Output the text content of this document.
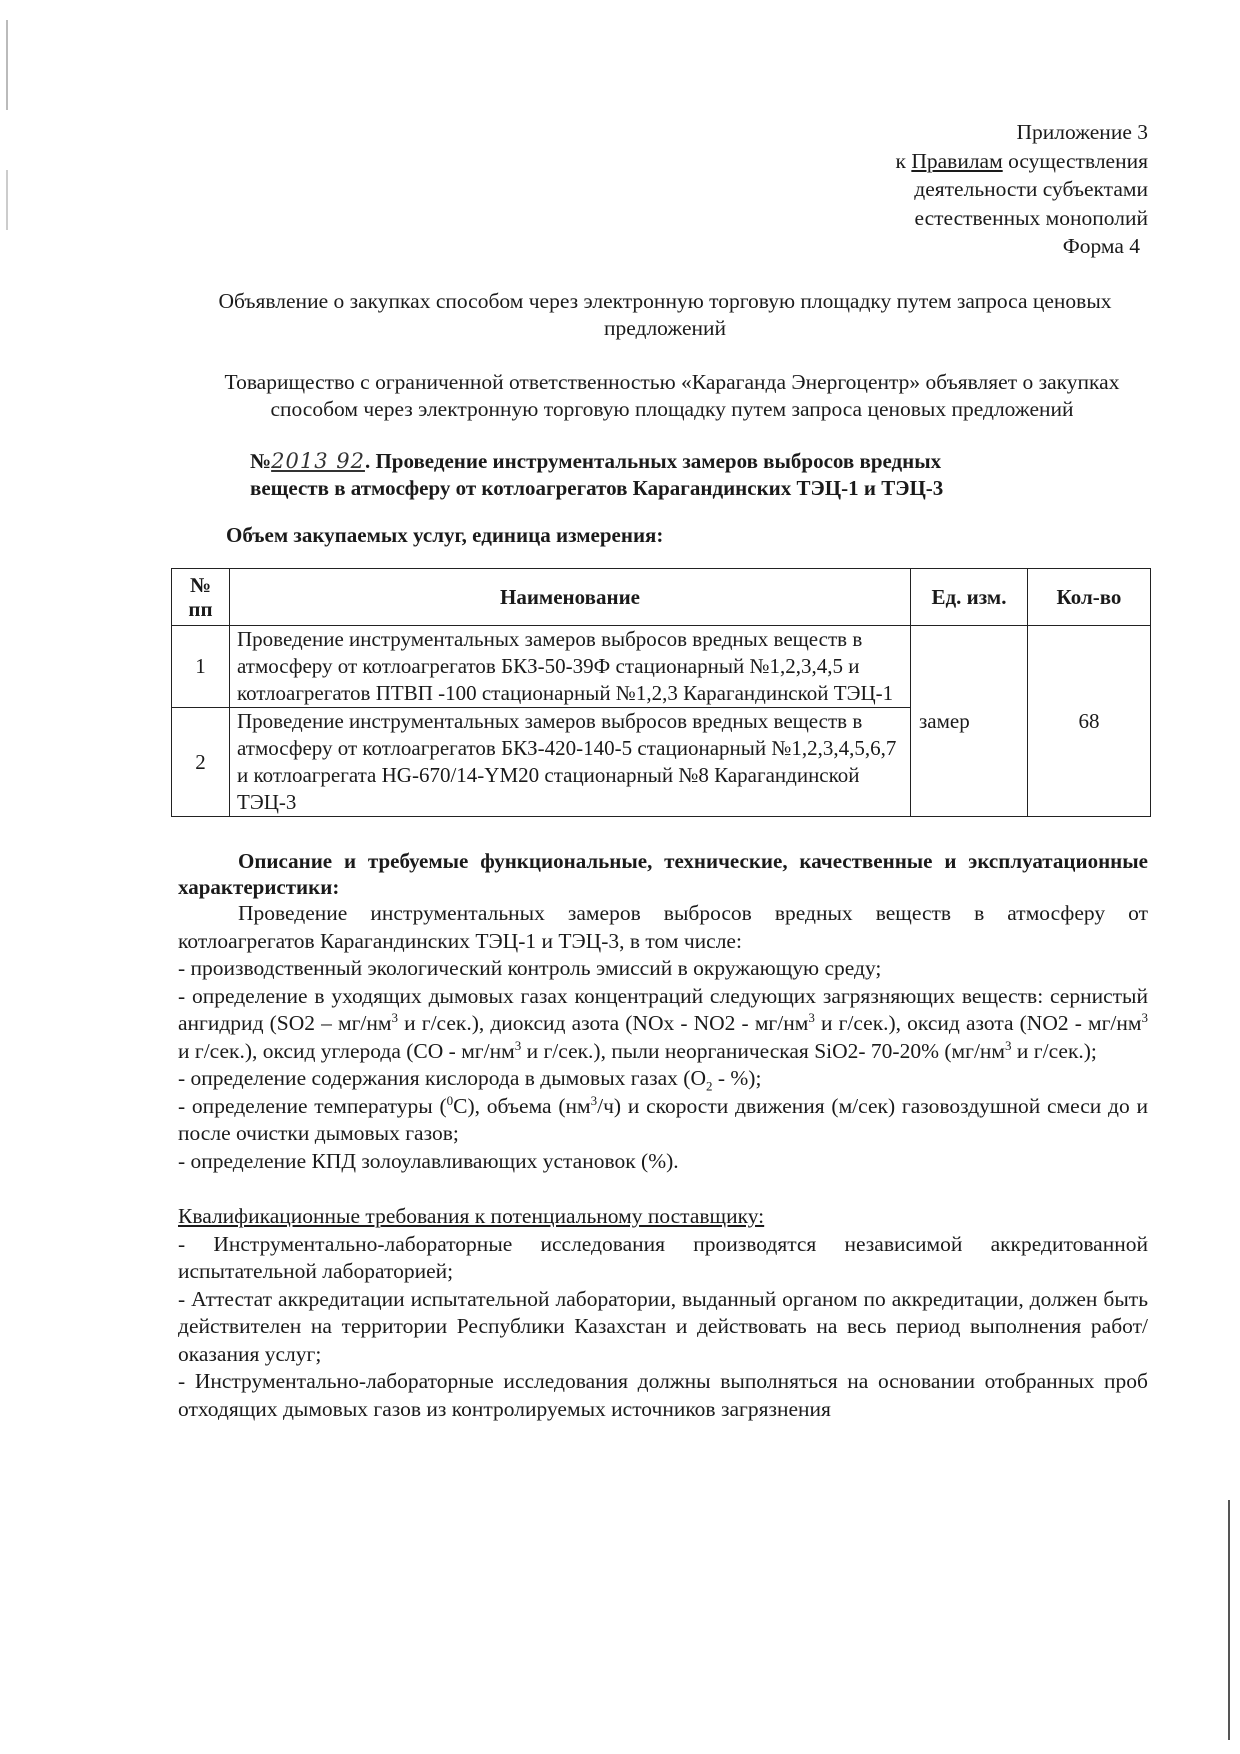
Приложение 3
к Правилам осуществления
деятельности субъектами
естественных монополий
Форма 4
Объявление о закупках способом через электронную торговую площадку путем запроса ценовых предложений
Товарищество с ограниченной ответственностью «Караганда Энергоцентр» объявляет о закупках способом через электронную торговую площадку путем запроса ценовых предложений
№2013 92. Проведение инструментальных замеров выбросов вредных
веществ в атмосферу от котлоагрегатов Карагандинских ТЭЦ-1 и ТЭЦ-3
Объем закупаемых услуг, единица измерения:
№
пп	Наименование	Ед. изм.	Кол-во
1	Проведение инструментальных замеров выбросов вредных веществ в атмосферу от котлоагрегатов БКЗ-50-39Ф стационарный №1,2,3,4,5 и котлоагрегатов ПТВП -100 стационарный №1,2,3 Карагандинской ТЭЦ-1	замер	68
2	Проведение инструментальных замеров выбросов вредных веществ в атмосферу от котлоагрегатов БКЗ-420-140-5 стационарный №1,2,3,4,5,6,7 и котлоагрегата HG-670/14-YM20 стационарный №8 Карагандинской ТЭЦ-3		
Описание и требуемые функциональные, технические, качественные и эксплуатационные характеристики:

Проведение инструментальных замеров выбросов вредных веществ в атмосферу от котлоагрегатов Карагандинских ТЭЦ-1 и ТЭЦ-3, в том числе:

- производственный экологический контроль эмиссий в окружающую среду;

- определение в уходящих дымовых газах концентраций следующих загрязняющих веществ: сернистый ангидрид ($SO2 - мг/нм^3$ и г/сек.), диоксид азота ($NOx - NO2 - мг/нм^3$ и г/сек.), оксид азота ($NO2 - мг/нм^3$ и г/сек.), оксид углерода ($СО - мг/нм^3$ и г/сек.), пыли неорганическая SiO2- 70-20% ($мг/нм^3$ и г/сек.);

- определение содержания кислорода в дымовых газах ($O_2$ - %);

- определение температуры ($^0$С), объема $(нм^3/ч)$ и скорости движения (м/сек) газовоздушной смеси до и после очистки дымовых газов;

- определение КПД золоулавливающих установок (%).

Квалификационные требования к потенциальному поставщику:

- Инструментально-лабораторные исследования производятся независимой аккредитованной испытательной лабораторией;

- Аттестат аккредитации испытательной лаборатории, выданный органом по аккредитации, должен быть действителен на территории Республики Казахстан и действовать на весь период выполнения работ/оказания услуг;

- Инструментально-лабораторные исследования должны выполняться на основании отобранных проб отходящих дымовых газов из контролируемых источников загрязнения
